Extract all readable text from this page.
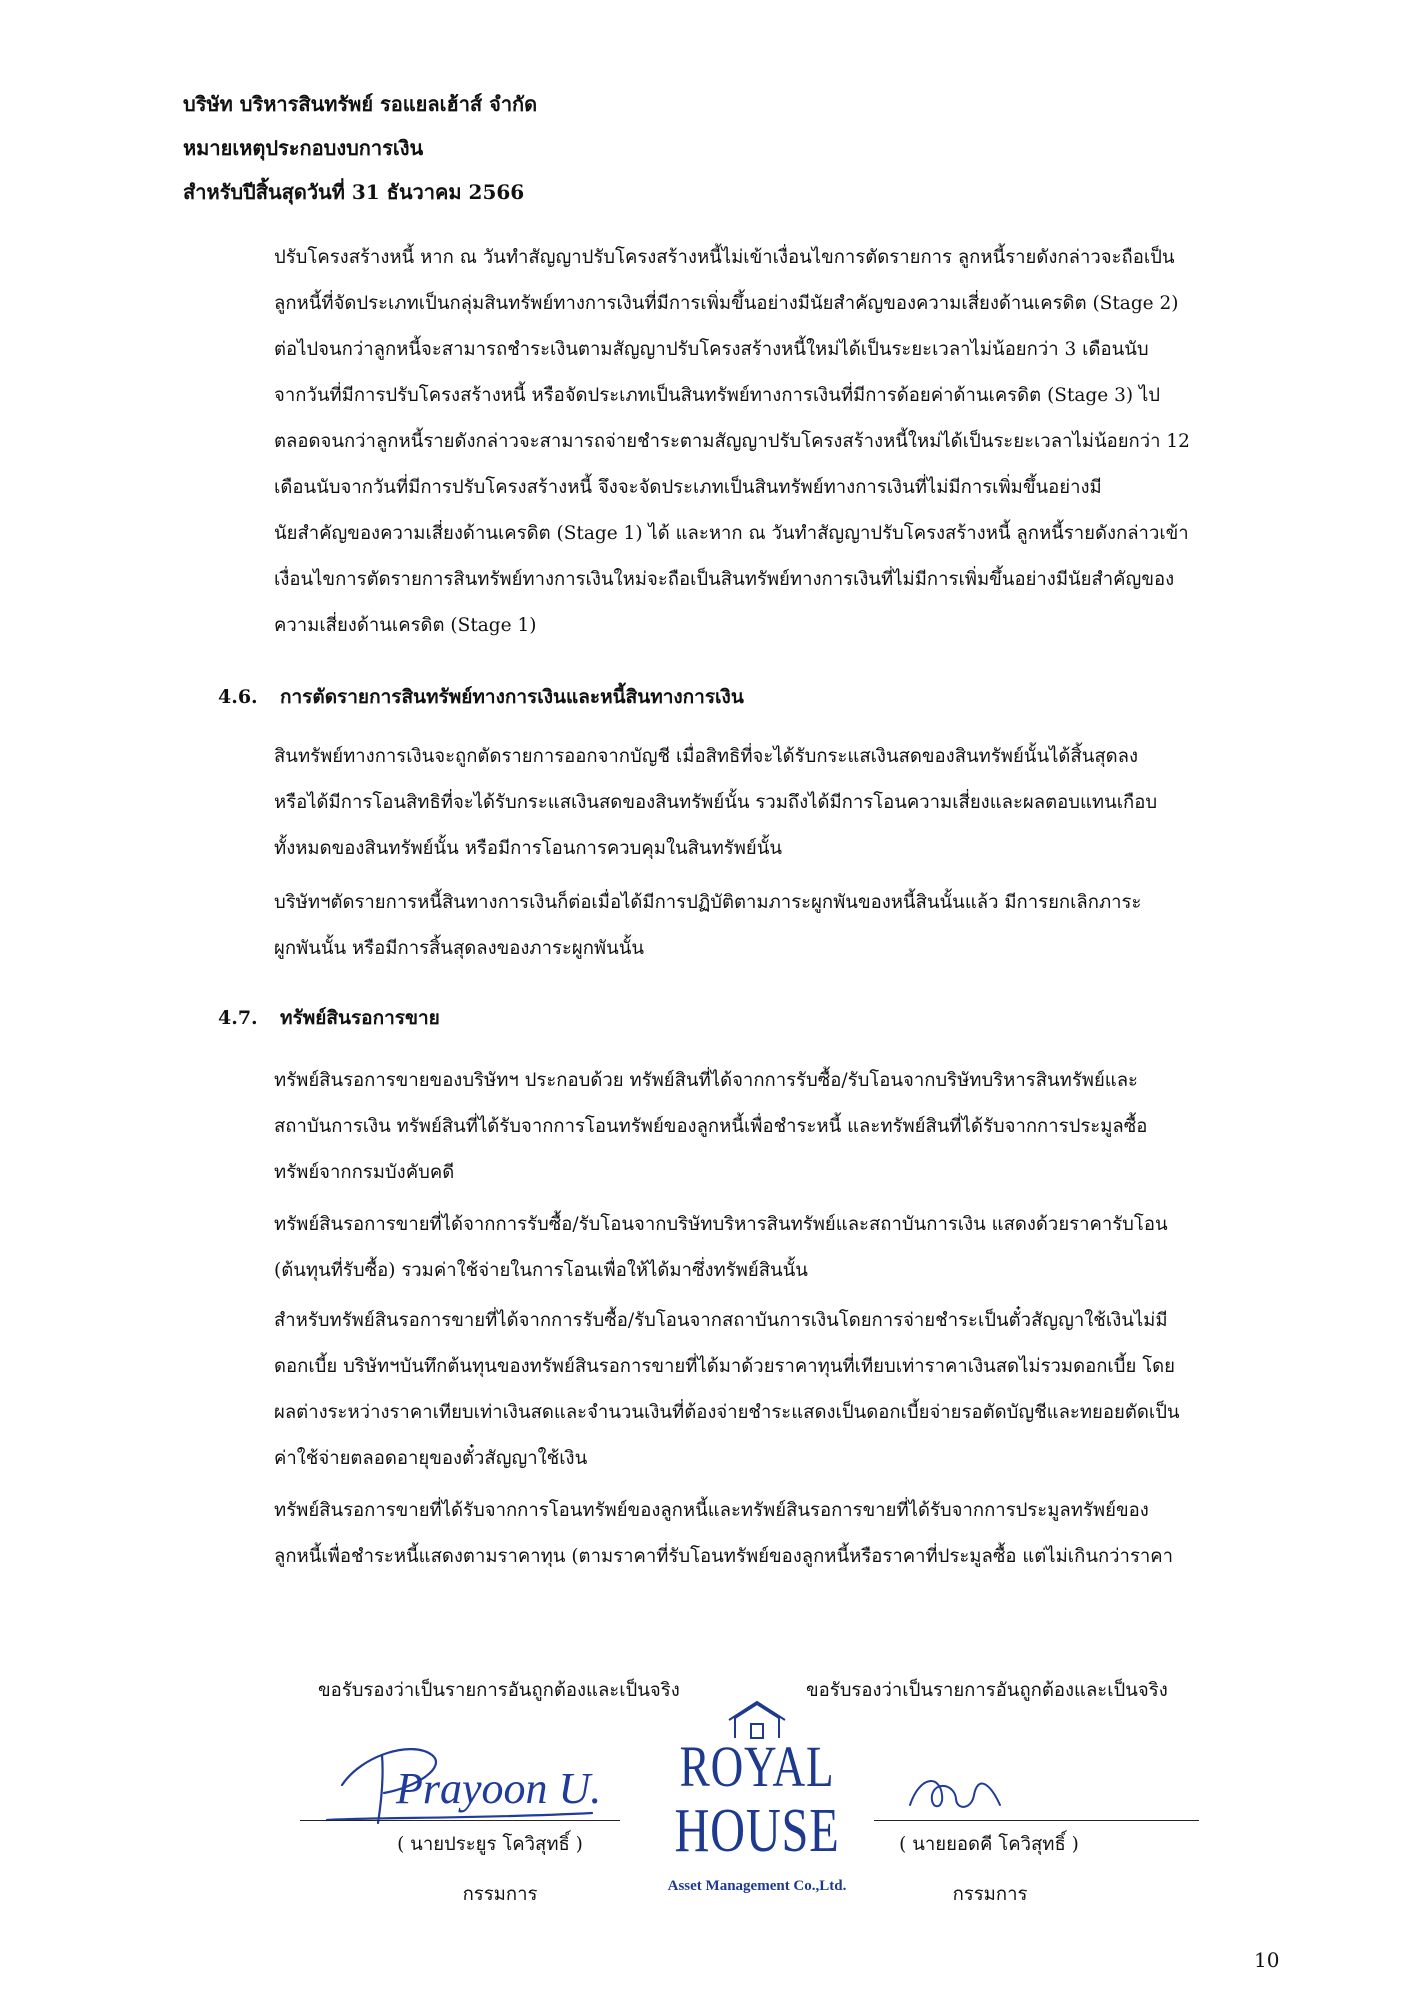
บริษัท บริหารสินทรัพย์ รอแยลเฮ้าส์ จำกัด
หมายเหตุประกอบงบการเงิน
สำหรับปีสิ้นสุดวันที่ 31 ธันวาคม 2566
ปรับโครงสร้างหนี้ หาก ณ วันทำสัญญาปรับโครงสร้างหนี้ไม่เข้าเงื่อนไขการตัดรายการ ลูกหนี้รายดังกล่าวจะถือเป็น
ลูกหนี้ที่จัดประเภทเป็นกลุ่มสินทรัพย์ทางการเงินที่มีการเพิ่มขึ้นอย่างมีนัยสำคัญของความเสี่ยงด้านเครดิต (Stage 2)
ต่อไปจนกว่าลูกหนี้จะสามารถชำระเงินตามสัญญาปรับโครงสร้างหนี้ใหม่ได้เป็นระยะเวลาไม่น้อยกว่า 3 เดือนนับ
จากวันที่มีการปรับโครงสร้างหนี้ หรือจัดประเภทเป็นสินทรัพย์ทางการเงินที่มีการด้อยค่าด้านเครดิต (Stage 3) ไป
ตลอดจนกว่าลูกหนี้รายดังกล่าวจะสามารถจ่ายชำระตามสัญญาปรับโครงสร้างหนี้ใหม่ได้เป็นระยะเวลาไม่น้อยกว่า 12
เดือนนับจากวันที่มีการปรับโครงสร้างหนี้ จึงจะจัดประเภทเป็นสินทรัพย์ทางการเงินที่ไม่มีการเพิ่มขึ้นอย่างมี
นัยสำคัญของความเสี่ยงด้านเครดิต (Stage 1) ได้ และหาก ณ วันทำสัญญาปรับโครงสร้างหนี้ ลูกหนี้รายดังกล่าวเข้า
เงื่อนไขการตัดรายการสินทรัพย์ทางการเงินใหม่จะถือเป็นสินทรัพย์ทางการเงินที่ไม่มีการเพิ่มขึ้นอย่างมีนัยสำคัญของ
ความเสี่ยงด้านเครดิต (Stage 1)
4.6. การตัดรายการสินทรัพย์ทางการเงินและหนี้สินทางการเงิน
สินทรัพย์ทางการเงินจะถูกตัดรายการออกจากบัญชี เมื่อสิทธิที่จะได้รับกระแสเงินสดของสินทรัพย์นั้นได้สิ้นสุดลง
หรือได้มีการโอนสิทธิที่จะได้รับกระแสเงินสดของสินทรัพย์นั้น รวมถึงได้มีการโอนความเสี่ยงและผลตอบแทนเกือบ
ทั้งหมดของสินทรัพย์นั้น หรือมีการโอนการควบคุมในสินทรัพย์นั้น
บริษัทฯตัดรายการหนี้สินทางการเงินก็ต่อเมื่อได้มีการปฏิบัติตามภาระผูกพันของหนี้สินนั้นแล้ว มีการยกเลิกภาระ
ผูกพันนั้น หรือมีการสิ้นสุดลงของภาระผูกพันนั้น
4.7. ทรัพย์สินรอการขาย
ทรัพย์สินรอการขายของบริษัทฯ ประกอบด้วย ทรัพย์สินที่ได้จากการรับซื้อ/รับโอนจากบริษัทบริหารสินทรัพย์และ
สถาบันการเงิน ทรัพย์สินที่ได้รับจากการโอนทรัพย์ของลูกหนี้เพื่อชำระหนี้ และทรัพย์สินที่ได้รับจากการประมูลซื้อ
ทรัพย์จากกรมบังคับคดี
ทรัพย์สินรอการขายที่ได้จากการรับซื้อ/รับโอนจากบริษัทบริหารสินทรัพย์และสถาบันการเงิน แสดงด้วยราคารับโอน
(ต้นทุนที่รับซื้อ) รวมค่าใช้จ่ายในการโอนเพื่อให้ได้มาซึ่งทรัพย์สินนั้น
สำหรับทรัพย์สินรอการขายที่ได้จากการรับซื้อ/รับโอนจากสถาบันการเงินโดยการจ่ายชำระเป็นตั๋วสัญญาใช้เงินไม่มี
ดอกเบี้ย บริษัทฯบันทึกต้นทุนของทรัพย์สินรอการขายที่ได้มาด้วยราคาทุนที่เทียบเท่าราคาเงินสดไม่รวมดอกเบี้ย โดย
ผลต่างระหว่างราคาเทียบเท่าเงินสดและจำนวนเงินที่ต้องจ่ายชำระแสดงเป็นดอกเบี้ยจ่ายรอตัดบัญชีและทยอยตัดเป็น
ค่าใช้จ่ายตลอดอายุของตั๋วสัญญาใช้เงิน
ทรัพย์สินรอการขายที่ได้รับจากการโอนทรัพย์ของลูกหนี้และทรัพย์สินรอการขายที่ได้รับจากการประมูลทรัพย์ของ
ลูกหนี้เพื่อชำระหนี้แสดงตามราคาทุน (ตามราคาที่รับโอนทรัพย์ของลูกหนี้หรือราคาที่ประมูลซื้อ แต่ไม่เกินกว่าราคา
ขอรับรองว่าเป็นรายการอันถูกต้องและเป็นจริง	ขอรับรองว่าเป็นรายการอันถูกต้องและเป็นจริง
Prayoon U.
ยอด
( นายประยูร โควิสุทธิ์ )
กรรมการ
( นายยอดคี โควิสุทธิ์ )
กรรมการ
ROYAL
HOUSE
Asset Management Co.,Ltd.
10
